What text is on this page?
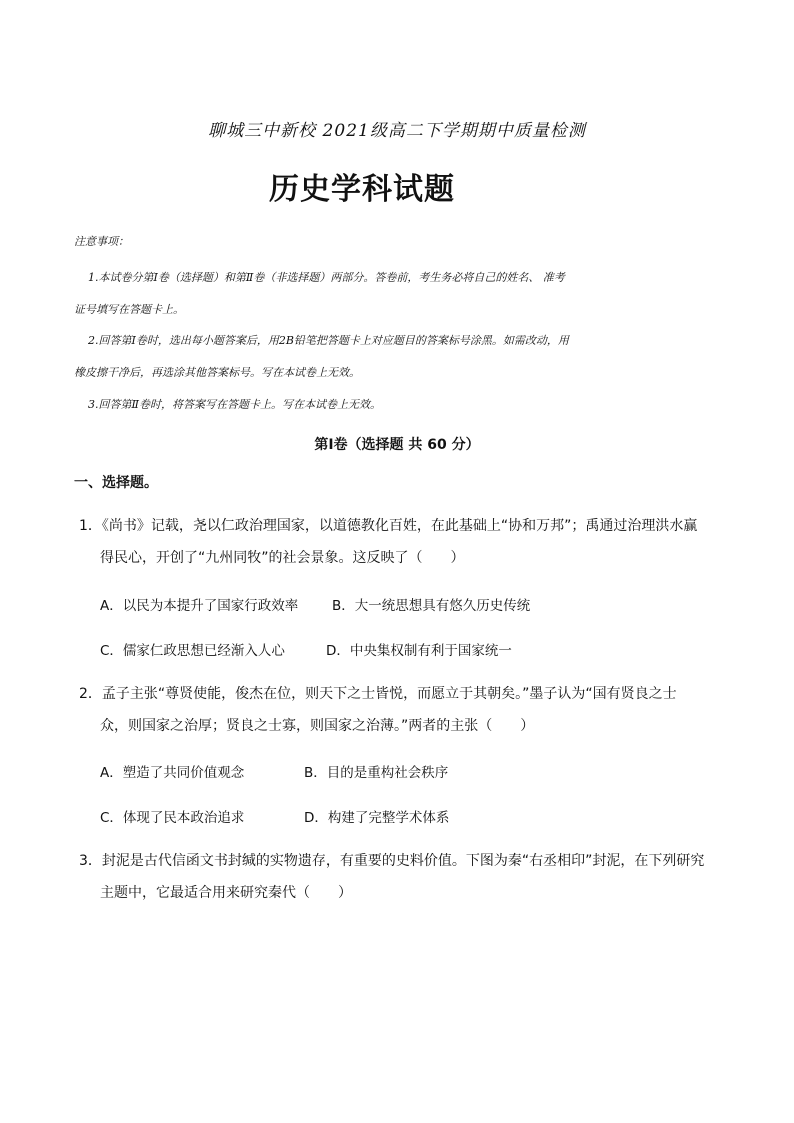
聊城三中新校 2021级高二下学期期中质量检测
历史学科试题
注意事项：
1.本试卷分第Ⅰ卷（选择题）和第Ⅱ卷（非选择题）两部分。答卷前，考生务必将自己的姓名、 准考
证号填写在答题卡上。
2.回答第Ⅰ卷时，选出每小题答案后，用2B铅笔把答题卡上对应题目的答案标号涂黑。如需改动，用
橡皮擦干净后，再选涂其他答案标号。写在本试卷上无效。
3.回答第Ⅱ卷时，将答案写在答题卡上。写在本试卷上无效。
第Ⅰ卷（选择题 共 60 分）
一、选择题。
1．《尚书》记载，尧以仁政治理国家，以道德教化百姓，在此基础上“协和万邦”；禹通过治理洪水赢
得民心，开创了“九州同牧”的社会景象。这反映了（　　）
A．以民为本提升了国家行政效率	B．大一统思想具有悠久历史传统
C．儒家仁政思想已经渐入人心	D．中央集权制有利于国家统一
2．孟子主张“尊贤使能，俊杰在位，则天下之士皆悦，而愿立于其朝矣。”墨子认为“国有贤良之士
众，则国家之治厚；贤良之士寡，则国家之治薄。”两者的主张（　　）
A．塑造了共同价值观念	B．目的是重构社会秩序
C．体现了民本政治追求	D．构建了完整学术体系
3．封泥是古代信函文书封缄的实物遗存，有重要的史料价值。下图为秦“右丞相印”封泥，在下列研究
主题中，它最适合用来研究秦代（　　）
